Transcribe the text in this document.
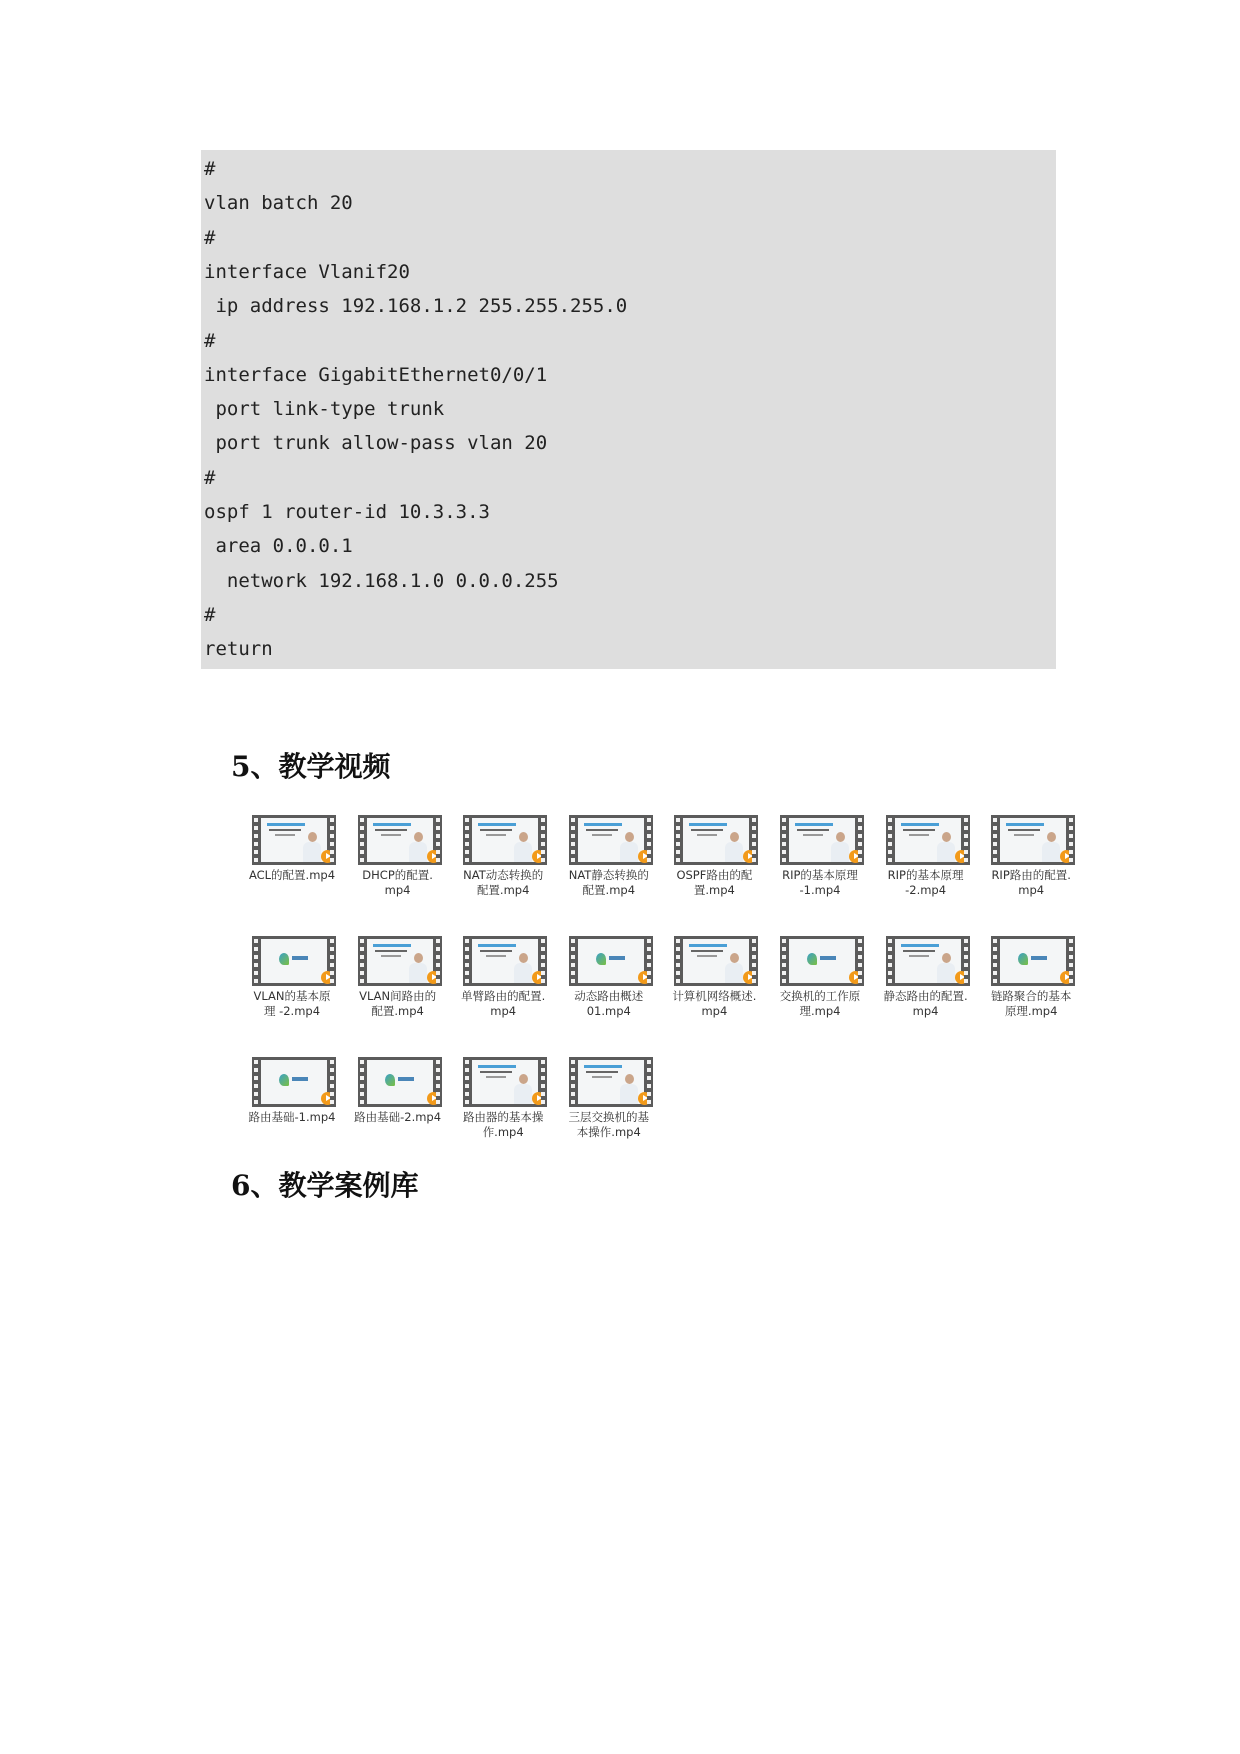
#
vlan batch 20
#
interface Vlanif20
ip address 192.168.1.2 255.255.255.0
#
interface GigabitEthernet0/0/1
port link-type trunk
port trunk allow-pass vlan 20
#
ospf 1 router-id 10.3.3.3
area 0.0.0.1
network 192.168.1.0 0.0.0.255
#
return
5、教学视频
ACL的配置.mp4	DHCP的配置.
mp4
NAT动态转换的
配置.mp4
NAT静态转换的
配置.mp4
OSPF路由的配
置.mp4
RIP的基本原理
-1.mp4
RIP的基本原理
-2.mp4
RIP路由的配置.
mp4
VLAN的基本原
理 -2.mp4
VLAN间路由的
配置.mp4
单臂路由的配置.
mp4
动态路由概述
01.mp4
计算机网络概述.
mp4
交换机的工作原
理.mp4
静态路由的配置.
mp4
链路聚合的基本
原理.mp4
路由基础-1.mp4	路由基础-2.mp4	路由器的基本操
作.mp4
三层交换机的基
本操作.mp4
6、教学案例库
